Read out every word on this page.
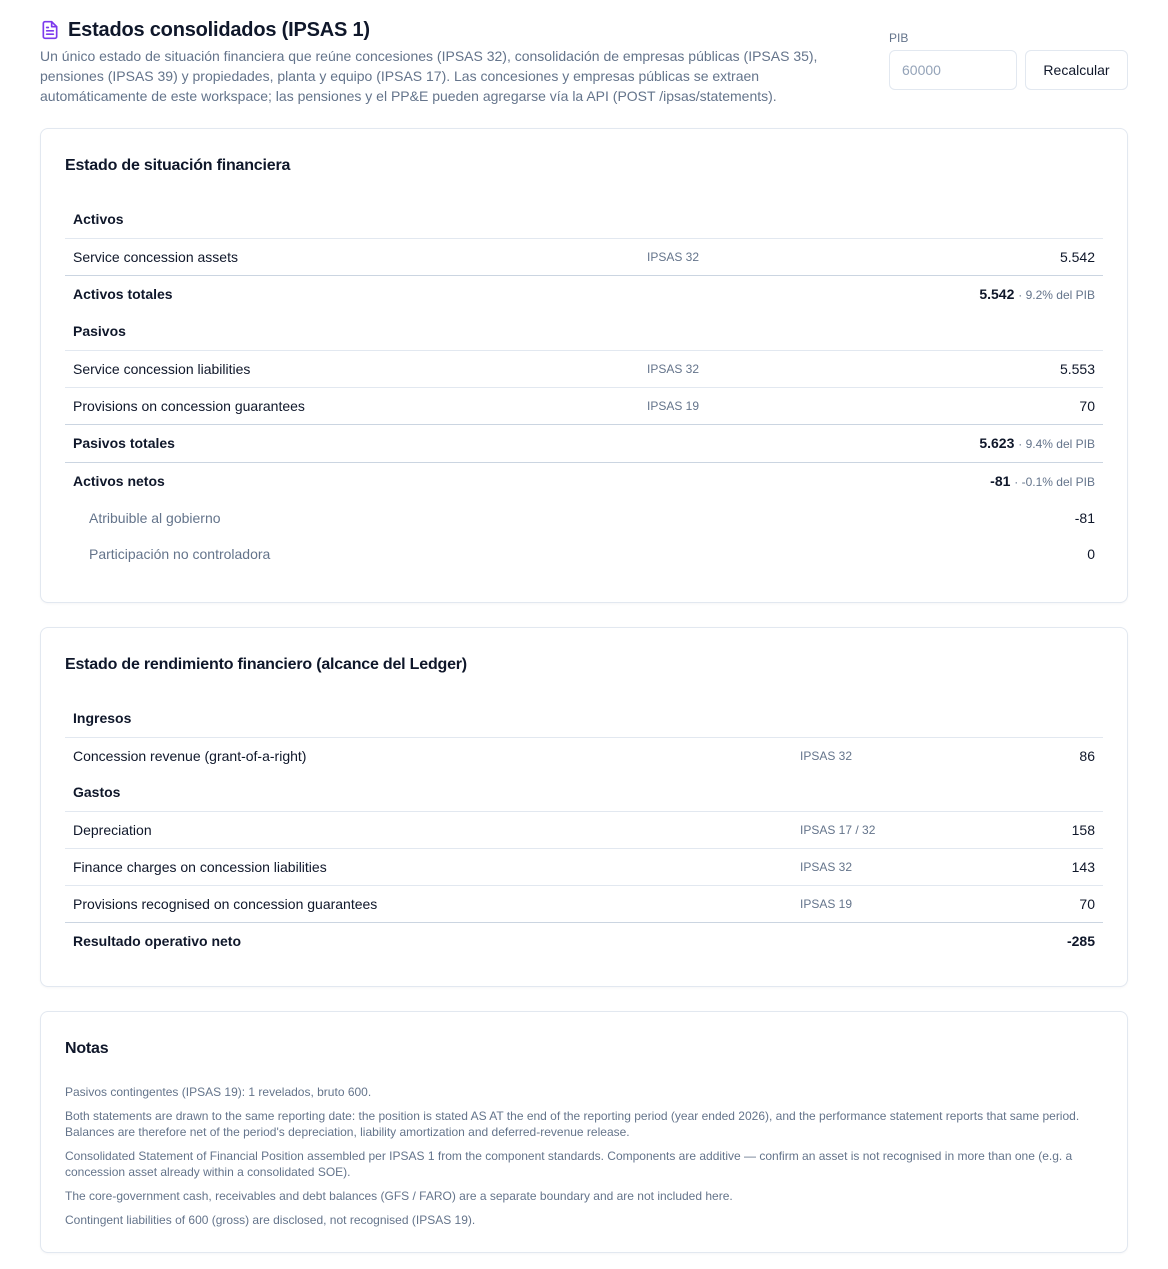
Estados consolidados (IPSAS 1)

Un único estado de situación financiera que reúne concesiones (IPSAS 32), consolidación de empresas públicas (IPSAS 35), pensiones (IPSAS 39) y propiedades, planta y equipo (IPSAS 17). Las concesiones y empresas públicas se extraen automáticamente de este workspace; las pensiones y el PP&E pueden agregarse vía la API (POST /ipsas/statements).

PIB
60000
Recalcular
Estado de situación financiera
Activos		
Service concession assets	IPSAS 32	5.542
Activos totales		5.542 · 9.2% del PIB
Pasivos		
Service concession liabilities	IPSAS 32	5.553
Provisions on concession guarantees	IPSAS 19	70
Pasivos totales		5.623 · 9.4% del PIB
Activos netos		-81 · -0.1% del PIB
Atribuible al gobierno		-81
Participación no controladora		0
Estado de rendimiento financiero (alcance del Ledger)
Ingresos		
Concession revenue (grant-of-a-right)	IPSAS 32	86
Gastos		
Depreciation	IPSAS 17 / 32	158
Finance charges on concession liabilities	IPSAS 32	143
Provisions recognised on concession guarantees	IPSAS 19	70
Resultado operativo neto		-285
Notas

Pasivos contingentes (IPSAS 19): 1 revelados, bruto 600.

Both statements are drawn to the same reporting date: the position is stated AS AT the end of the reporting period (year ended 2026), and the performance statement reports that same period. Balances are therefore net of the period's depreciation, liability amortization and deferred-revenue release.

Consolidated Statement of Financial Position assembled per IPSAS 1 from the component standards. Components are additive — confirm an asset is not recognised in more than one (e.g. a concession asset already within a consolidated SOE).

The core-government cash, receivables and debt balances (GFS / FARO) are a separate boundary and are not included here.

Contingent liabilities of 600 (gross) are disclosed, not recognised (IPSAS 19).
